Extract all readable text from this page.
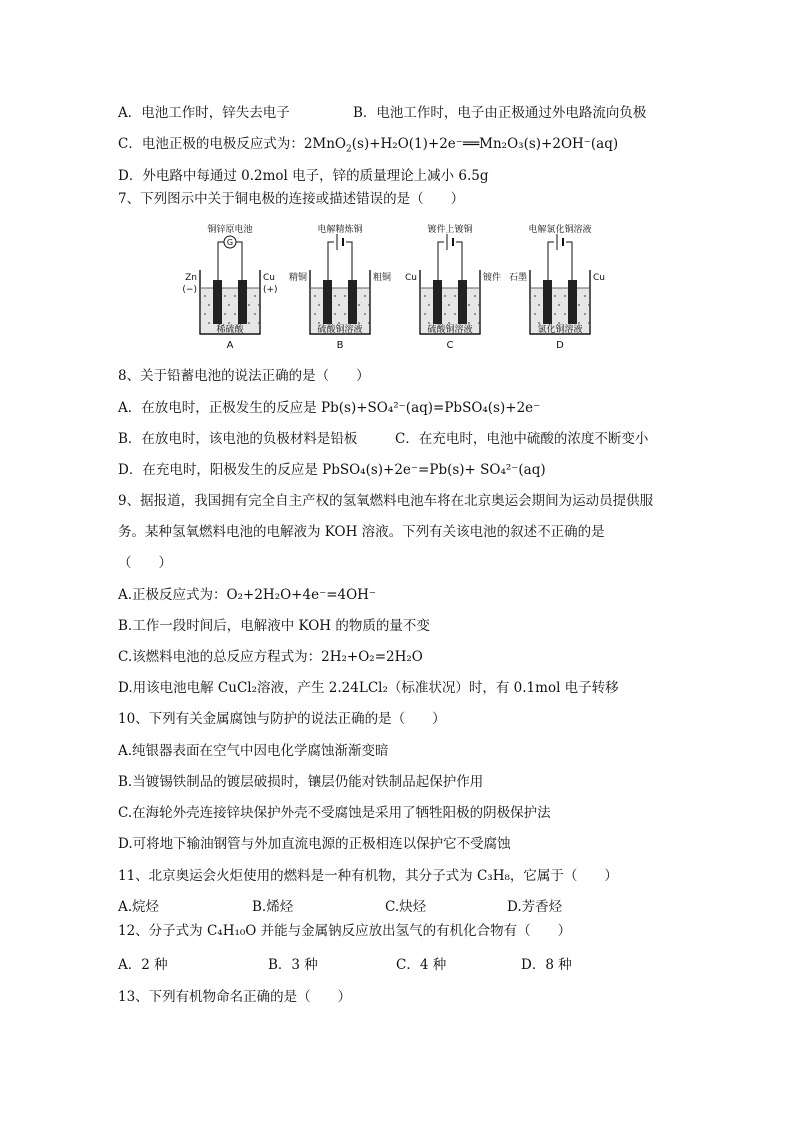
A．电池工作时，锌失去电子	B．电池工作时，电子由正极通过外电路流向负极
C．电池正极的电极反应式为：2MnO$_2$(s)+H₂O(1)+2e⁻══Mn₂O₃(s)+2OH⁻(aq)
D．外电路中每通过 0.2mol 电子，锌的质量理论上减小 6.5g
7、下列图示中关于铜电极的连接或描述错误的是（　　）
铜锌原电池
G
Zn
(−)
Cu
(+)
稀硫酸
A
电解精炼铜
精铜	粗铜
硫酸铜溶液
B
镀件上镀铜
Cu	镀件
硫酸铜溶液
C
电解氯化铜溶液
石墨	Cu
氯化铜溶液
D
8、关于铅蓄电池的说法正确的是（　　）
A．在放电时，正极发生的反应是 Pb(s)+SO₄²⁻(aq)=PbSO₄(s)+2e⁻
B．在放电时，该电池的负极材料是铅板	C．在充电时，电池中硫酸的浓度不断变小
D．在充电时，阳极发生的反应是 PbSO₄(s)+2e⁻=Pb(s)+ SO₄²⁻(aq)
9、据报道，我国拥有完全自主产权的氢氧燃料电池车将在北京奥运会期间为运动员提供服
务。某种氢氧燃料电池的电解液为 KOH 溶液。下列有关该电池的叙述不正确的是
（　　）
A.正极反应式为：O₂+2H₂O+4e⁻=4OH⁻
B.工作一段时间后，电解液中 KOH 的物质的量不变
C.该燃料电池的总反应方程式为：2H₂+O₂=2H₂O
D.用该电池电解 CuCl₂溶液，产生 2.24LCl₂（标准状况）时，有 0.1mol 电子转移
10、下列有关金属腐蚀与防护的说法正确的是（　　）
A.纯银器表面在空气中因电化学腐蚀渐渐变暗
B.当镀锡铁制品的镀层破损时，镶层仍能对铁制品起保护作用
C.在海轮外壳连接锌块保护外壳不受腐蚀是采用了牺牲阳极的阴极保护法
D.可将地下输油钢管与外加直流电源的正极相连以保护它不受腐蚀
11、北京奥运会火炬使用的燃料是一种有机物，其分子式为 C₃H₈，它属于（　　）
A.烷烃	B.烯烃	C.炔烃	D.芳香烃
12、分子式为 C₄H₁₀O 并能与金属钠反应放出氢气的有机化合物有（　　）
A．2 种	B．3 种	C．4 种	D．8 种
13、下列有机物命名正确的是（　　）
